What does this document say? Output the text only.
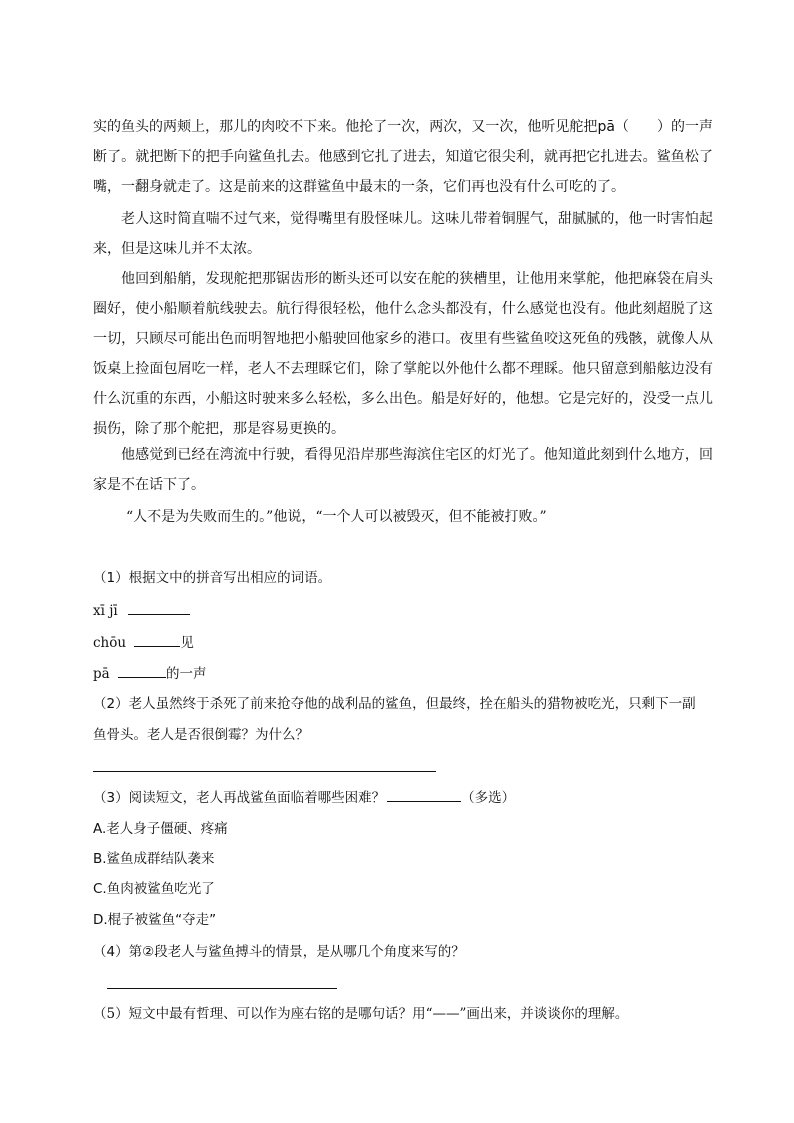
实的鱼头的两颊上，那儿的肉咬不下来。他抡了一次，两次，又一次，他听见舵把pā（　　）的一声断了。就把断下的把手向鲨鱼扎去。他感到它扎了进去，知道它很尖利，就再把它扎进去。鲨鱼松了嘴，一翻身就走了。这是前来的这群鲨鱼中最末的一条，它们再也没有什么可吃的了。

老人这时简直喘不过气来，觉得嘴里有股怪味儿。这味儿带着铜腥气，甜腻腻的，他一时害怕起来，但是这味儿并不太浓。

他回到船艄，发现舵把那锯齿形的断头还可以安在舵的狭槽里，让他用来掌舵，他把麻袋在肩头圈好，使小船顺着航线驶去。航行得很轻松，他什么念头都没有，什么感觉也没有。他此刻超脱了这一切，只顾尽可能出色而明智地把小船驶回他家乡的港口。夜里有些鲨鱼咬这死鱼的残骸，就像人从饭桌上捡面包屑吃一样，老人不去理睬它们，除了掌舵以外他什么都不理睬。他只留意到船舷边没有什么沉重的东西，小船这时驶来多么轻松，多么出色。船是好好的，他想。它是完好的，没受一点儿损伤，除了那个舵把，那是容易更换的。

他感觉到已经在湾流中行驶，看得见沿岸那些海滨住宅区的灯光了。他知道此刻到什么地方，回家是不在话下了。

“人不是为失败而生的。”他说，“一个人可以被毁灭，但不能被打败。”

（1）根据文中的拼音写出相应的词语。
xī jī
chōu	见
pā	的一声
（2）老人虽然终于杀死了前来抢夺他的战利品的鲨鱼，但最终，拴在船头的猎物被吃光，只剩下一副
鱼骨头。老人是否很倒霉？为什么？
（3）阅读短文，老人再战鲨鱼面临着哪些困难？	（多选）
A.老人身子僵硬、疼痛
B.鲨鱼成群结队袭来
C.鱼肉被鲨鱼吃光了
D.棍子被鲨鱼“夺走”
（4）第②段老人与鲨鱼搏斗的情景，是从哪几个角度来写的？
（5）短文中最有哲理、可以作为座右铭的是哪句话？用“——”画出来，并谈谈你的理解。
